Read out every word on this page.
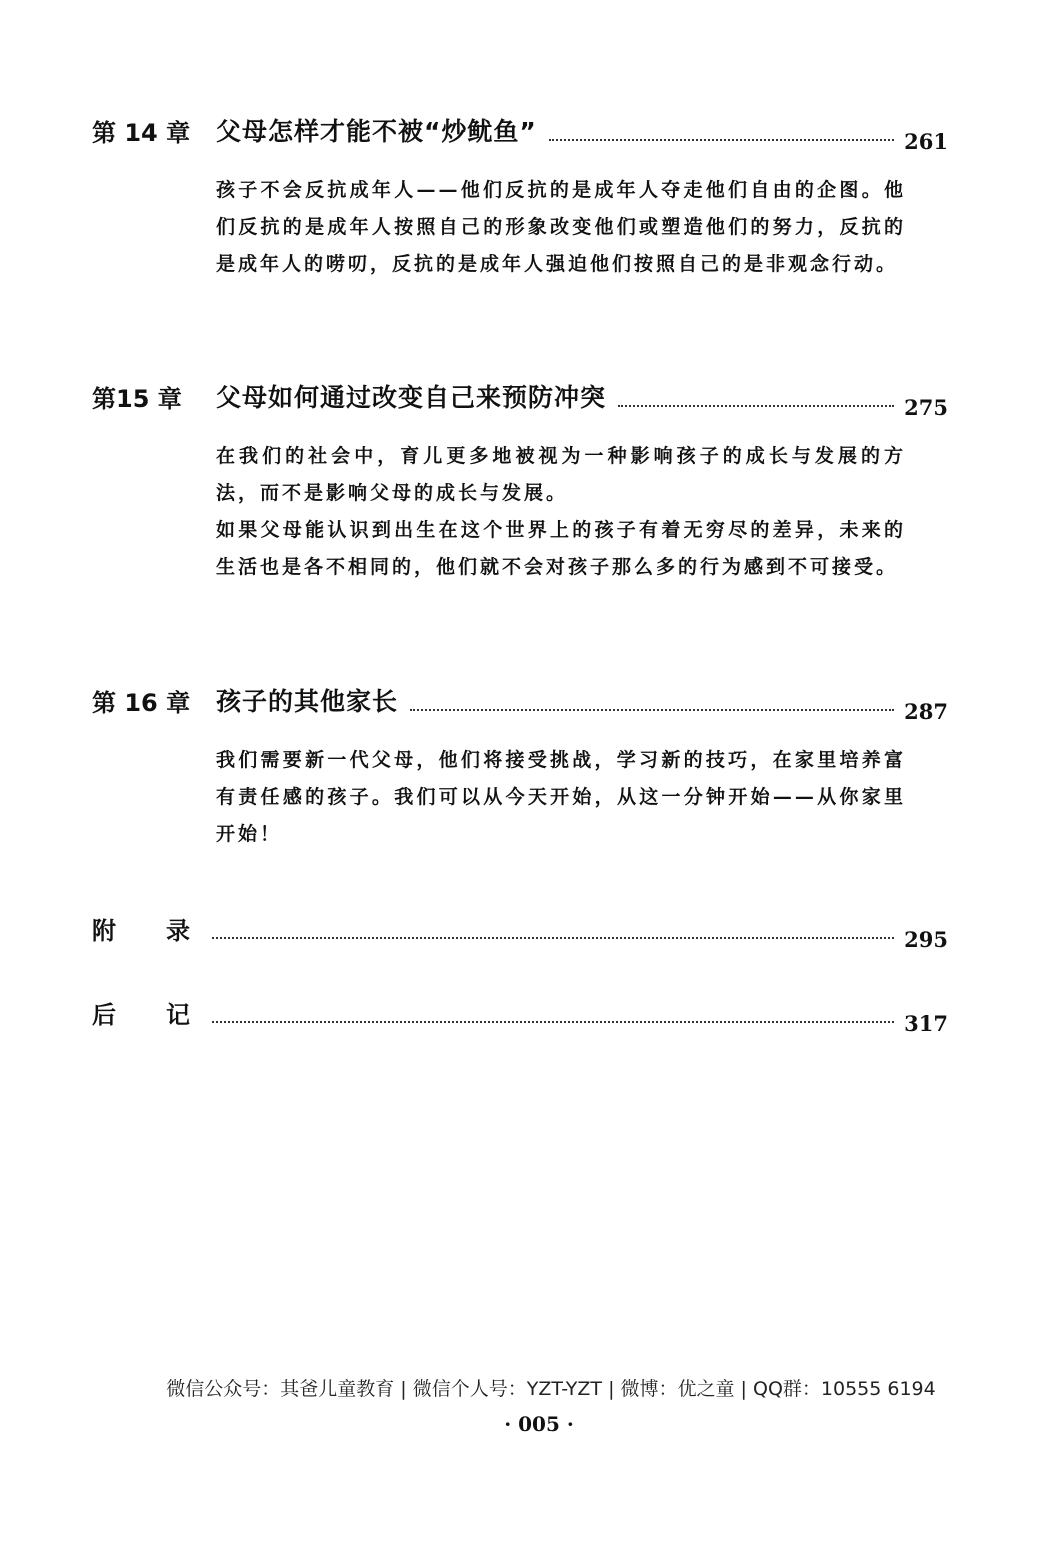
第 14 章	父母怎样才能不被“炒鱿鱼”	261

孩子不会反抗成年人——他们反抗的是成年人夺走他们自由的企图。他们反抗的是成年人按照自己的形象改变他们或塑造他们的努力，反抗的是成年人的唠叨，反抗的是成年人强迫他们按照自己的是非观念行动。

第15 章	父母如何通过改变自己来预防冲突	275

在我们的社会中，育儿更多地被视为一种影响孩子的成长与发展的方法，而不是影响父母的成长与发展。

如果父母能认识到出生在这个世界上的孩子有着无穷尽的差异，未来的生活也是各不相同的，他们就不会对孩子那么多的行为感到不可接受。

第 16 章	孩子的其他家长	287

我们需要新一代父母，他们将接受挑战，学习新的技巧，在家里培养富有责任感的孩子。我们可以从今天开始，从这一分钟开始——从你家里开始！

附录	295
后记	317
微信公众号：其爸儿童教育 | 微信个人号：YZT-YZT | 微博：优之童 | QQ群：10555 6194
· 005 ·
